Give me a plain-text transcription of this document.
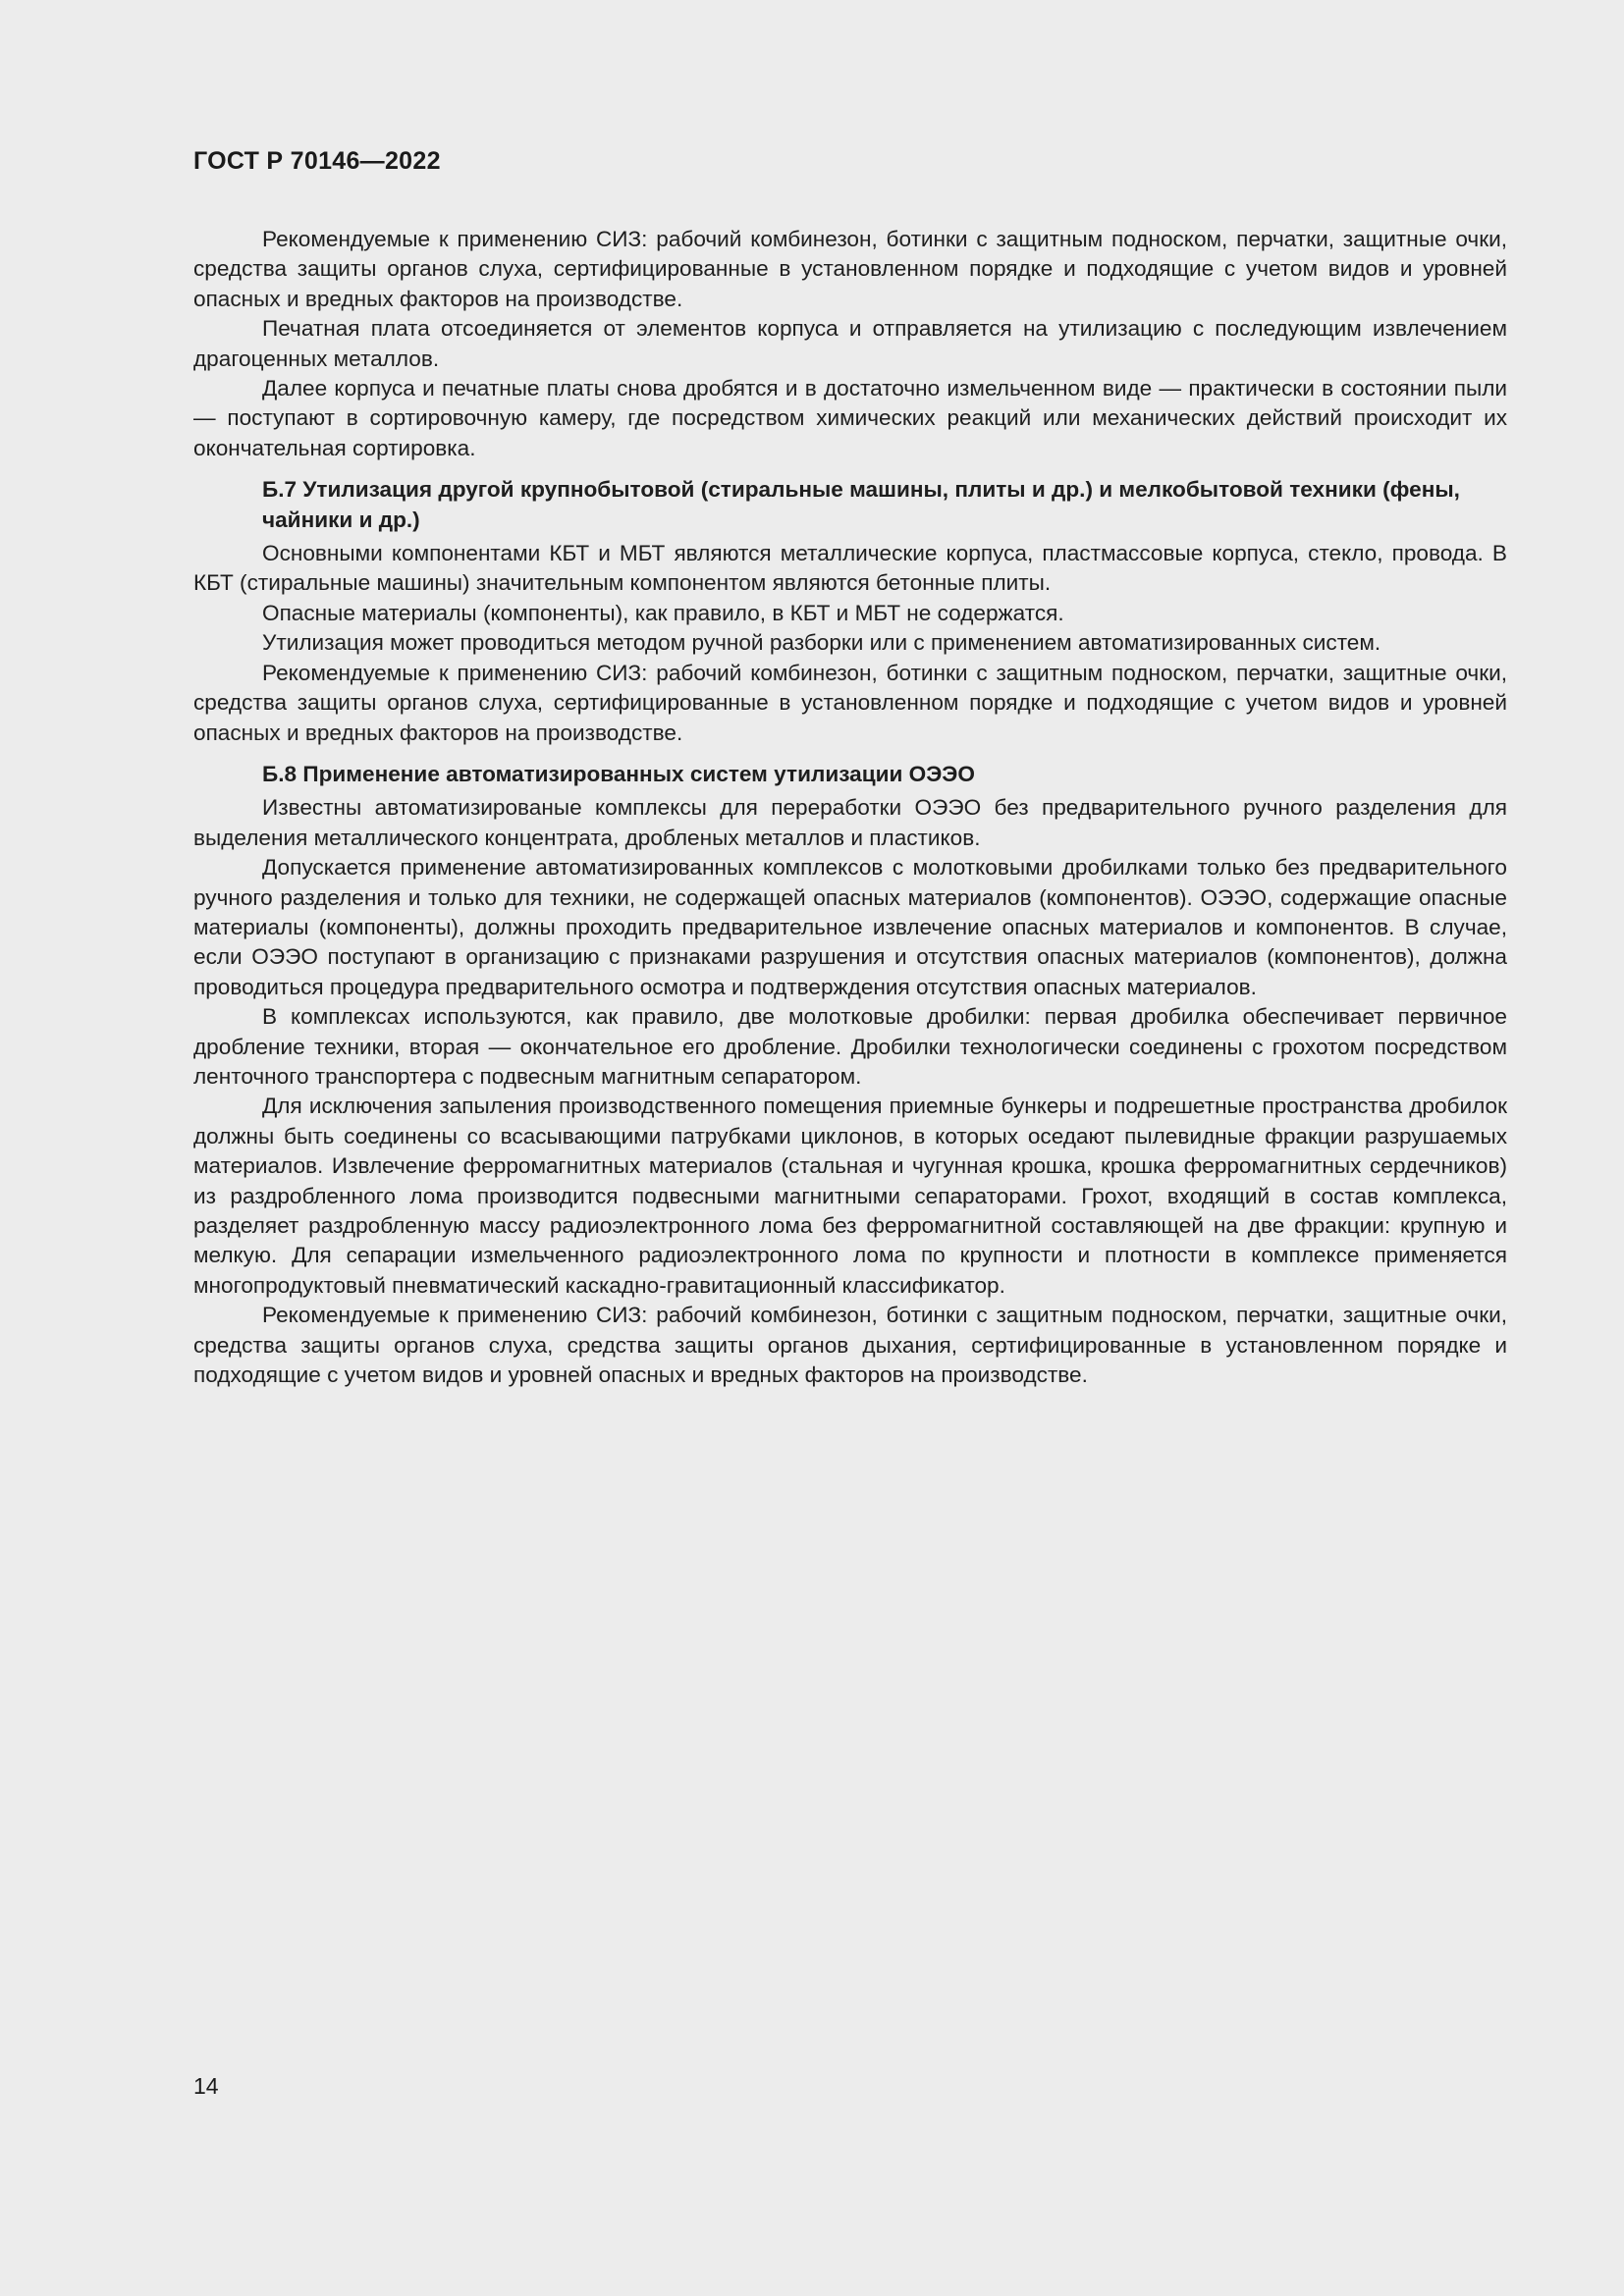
ГОСТ Р 70146—2022

Рекомендуемые к применению СИЗ: рабочий комбинезон, ботинки с защитным подноском, перчатки, защитные очки, средства защиты органов слуха, сертифицированные в установленном порядке и подходящие с учетом видов и уровней опасных и вредных факторов на производстве.

Печатная плата отсоединяется от элементов корпуса и отправляется на утилизацию с последующим извлечением драгоценных металлов.

Далее корпуса и печатные платы снова дробятся и в достаточно измельченном виде — практически в состоянии пыли — поступают в сортировочную камеру, где посредством химических реакций или механических действий происходит их окончательная сортировка.

Б.7 Утилизация другой крупнобытовой (стиральные машины, плиты и др.) и мелкобытовой техники (фены, чайники и др.)

Основными компонентами КБТ и МБТ являются металлические корпуса, пластмассовые корпуса, стекло, провода. В КБТ (стиральные машины) значительным компонентом являются бетонные плиты.

Опасные материалы (компоненты), как правило, в КБТ и МБТ не содержатся.

Утилизация может проводиться методом ручной разборки или с применением автоматизированных систем.

Рекомендуемые к применению СИЗ: рабочий комбинезон, ботинки с защитным подноском, перчатки, защитные очки, средства защиты органов слуха, сертифицированные в установленном порядке и подходящие с учетом видов и уровней опасных и вредных факторов на производстве.

Б.8 Применение автоматизированных систем утилизации ОЭЭО

Известны автоматизированые комплексы для переработки ОЭЭО без предварительного ручного разделения для выделения металлического концентрата, дробленых металлов и пластиков.

Допускается применение автоматизированных комплексов с молотковыми дробилками только без предварительного ручного разделения и только для техники, не содержащей опасных материалов (компонентов). ОЭЭО, содержащие опасные материалы (компоненты), должны проходить предварительное извлечение опасных материалов и компонентов. В случае, если ОЭЭО поступают в организацию с признаками разрушения и отсутствия опасных материалов (компонентов), должна проводиться процедура предварительного осмотра и подтверждения отсутствия опасных материалов.

В комплексах используются, как правило, две молотковые дробилки: первая дробилка обеспечивает первичное дробление техники, вторая — окончательное его дробление. Дробилки технологически соединены с грохотом посредством ленточного транспортера с подвесным магнитным сепаратором.

Для исключения запыления производственного помещения приемные бункеры и подрешетные пространства дробилок должны быть соединены со всасывающими патрубками циклонов, в которых оседают пылевидные фракции разрушаемых материалов. Извлечение ферромагнитных материалов (стальная и чугунная крошка, крошка ферромагнитных сердечников) из раздробленного лома производится подвесными магнитными сепараторами. Грохот, входящий в состав комплекса, разделяет раздробленную массу радиоэлектронного лома без ферромагнитной составляющей на две фракции: крупную и мелкую. Для сепарации измельченного радиоэлектронного лома по крупности и плотности в комплексе применяется многопродуктовый пневматический каскадно-гравитационный классификатор.

Рекомендуемые к применению СИЗ: рабочий комбинезон, ботинки с защитным подноском, перчатки, защитные очки, средства защиты органов слуха, средства защиты органов дыхания, сертифицированные в установленном порядке и подходящие с учетом видов и уровней опасных и вредных факторов на производстве.

14
